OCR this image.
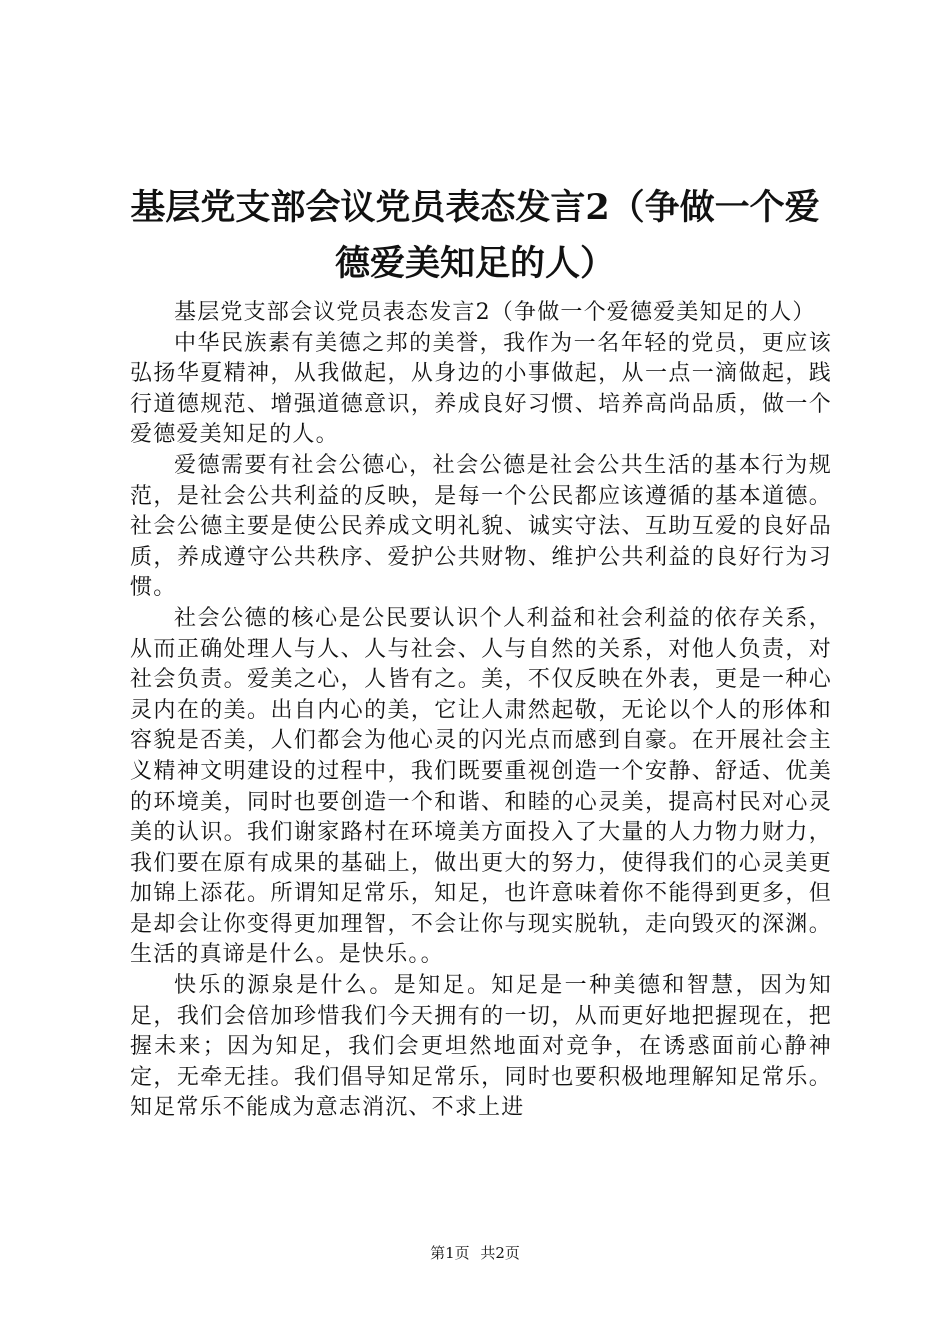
基层党支部会议党员表态发言2（争做一个爱德爱美知足的人）

基层党支部会议党员表态发言2（争做一个爱德爱美知足的人）

中华民族素有美德之邦的美誉，我作为一名年轻的党员，更应该弘扬华夏精神，从我做起，从身边的小事做起，从一点一滴做起，践行道德规范、增强道德意识，养成良好习惯、培养高尚品质，做一个爱德爱美知足的人。

爱德需要有社会公德心，社会公德是社会公共生活的基本行为规范，是社会公共利益的反映，是每一个公民都应该遵循的基本道德。社会公德主要是使公民养成文明礼貌、诚实守法、互助互爱的良好品质，养成遵守公共秩序、爱护公共财物、维护公共利益的良好行为习惯。

社会公德的核心是公民要认识个人利益和社会利益的依存关系，从而正确处理人与人、人与社会、人与自然的关系，对他人负责，对社会负责。爱美之心，人皆有之。美，不仅反映在外表，更是一种心灵内在的美。出自内心的美，它让人肃然起敬，无论以个人的形体和容貌是否美，人们都会为他心灵的闪光点而感到自豪。在开展社会主义精神文明建设的过程中，我们既要重视创造一个安静、舒适、优美的环境美，同时也要创造一个和谐、和睦的心灵美，提高村民对心灵美的认识。我们谢家路村在环境美方面投入了大量的人力物力财力，我们要在原有成果的基础上，做出更大的努力，使得我们的心灵美更加锦上添花。所谓知足常乐，知足，也许意味着你不能得到更多，但是却会让你变得更加理智，不会让你与现实脱轨，走向毁灭的深渊。生活的真谛是什么。是快乐。。

快乐的源泉是什么。是知足。知足是一种美德和智慧，因为知足，我们会倍加珍惜我们今天拥有的一切，从而更好地把握现在，把握未来；因为知足，我们会更坦然地面对竞争，在诱惑面前心静神定，无牵无挂。我们倡导知足常乐，同时也要积极地理解知足常乐。知足常乐不能成为意志消沉、不求上进

第1页 共2页
